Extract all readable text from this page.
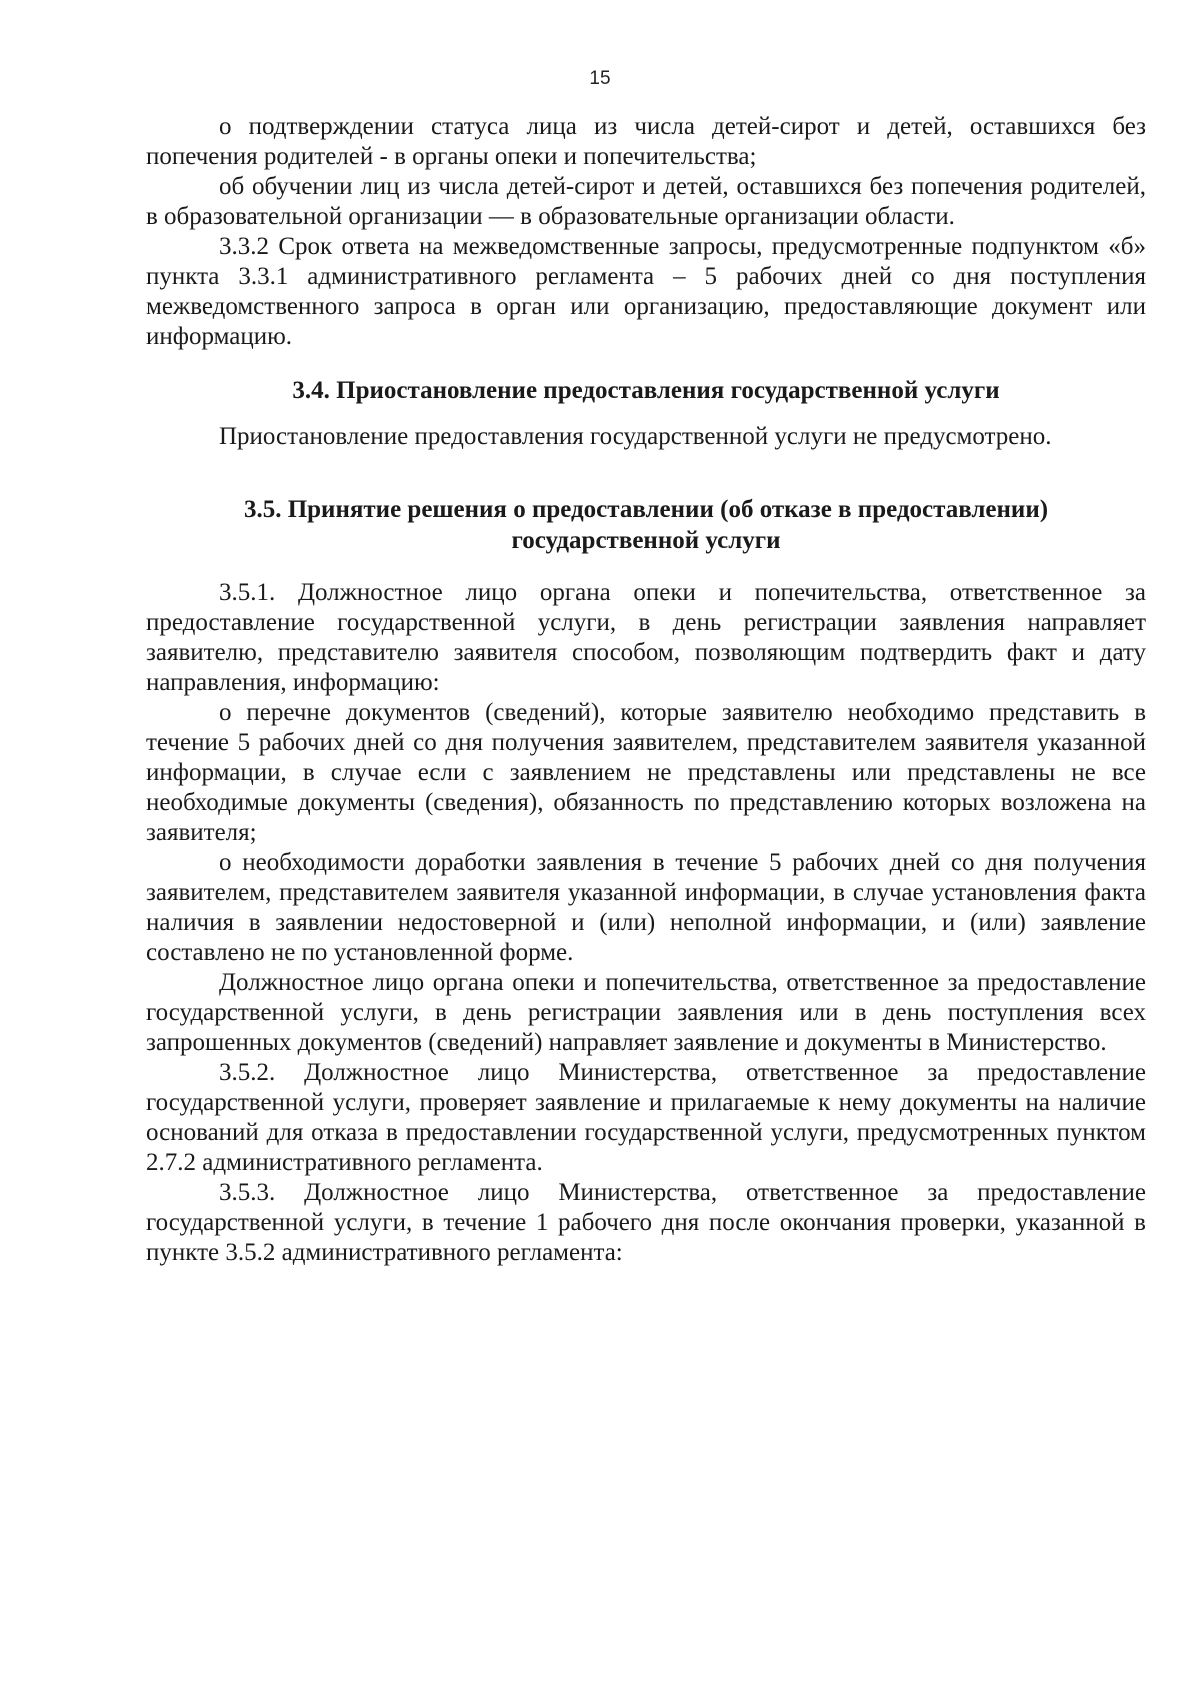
15

о подтверждении статуса лица из числа детей-сирот и детей, оставшихся без попечения родителей - в органы опеки и попечительства;

об обучении лиц из числа детей-сирот и детей, оставшихся без попечения родителей, в образовательной организации — в образовательные организации области.

3.3.2 Срок ответа на межведомственные запросы, предусмотренные подпунктом «б» пункта 3.3.1 административного регламента – 5 рабочих дней со дня поступления межведомственного запроса в орган или организацию, предоставляющие документ или информацию.

3.4. Приостановление предоставления государственной услуги

Приостановление предоставления государственной услуги не предусмотрено.

3.5. Принятие решения о предоставлении (об отказе в предоставлении)
государственной услуги

3.5.1. Должностное лицо органа опеки и попечительства, ответственное за предоставление государственной услуги, в день регистрации заявления направляет заявителю, представителю заявителя способом, позволяющим подтвердить факт и дату направления, информацию:

о перечне документов (сведений), которые заявителю необходимо представить в течение 5 рабочих дней со дня получения заявителем, представителем заявителя указанной информации, в случае если с заявлением не представлены или представлены не все необходимые документы (сведения), обязанность по представлению которых возложена на заявителя;

о необходимости доработки заявления в течение 5 рабочих дней со дня получения заявителем, представителем заявителя указанной информации, в случае установления факта наличия в заявлении недостоверной и (или) неполной информации, и (или) заявление составлено не по установленной форме.

Должностное лицо органа опеки и попечительства, ответственное за предоставление государственной услуги, в день регистрации заявления или в день поступления всех запрошенных документов (сведений) направляет заявление и документы в Министерство.

3.5.2. Должностное лицо Министерства, ответственное за предоставление государственной услуги, проверяет заявление и прилагаемые к нему документы на наличие оснований для отказа в предоставлении государственной услуги, предусмотренных пунктом 2.7.2 административного регламента.

3.5.3. Должностное лицо Министерства, ответственное за предоставление государственной услуги, в течение 1 рабочего дня после окончания проверки, указанной в пункте 3.5.2 административного регламента:
